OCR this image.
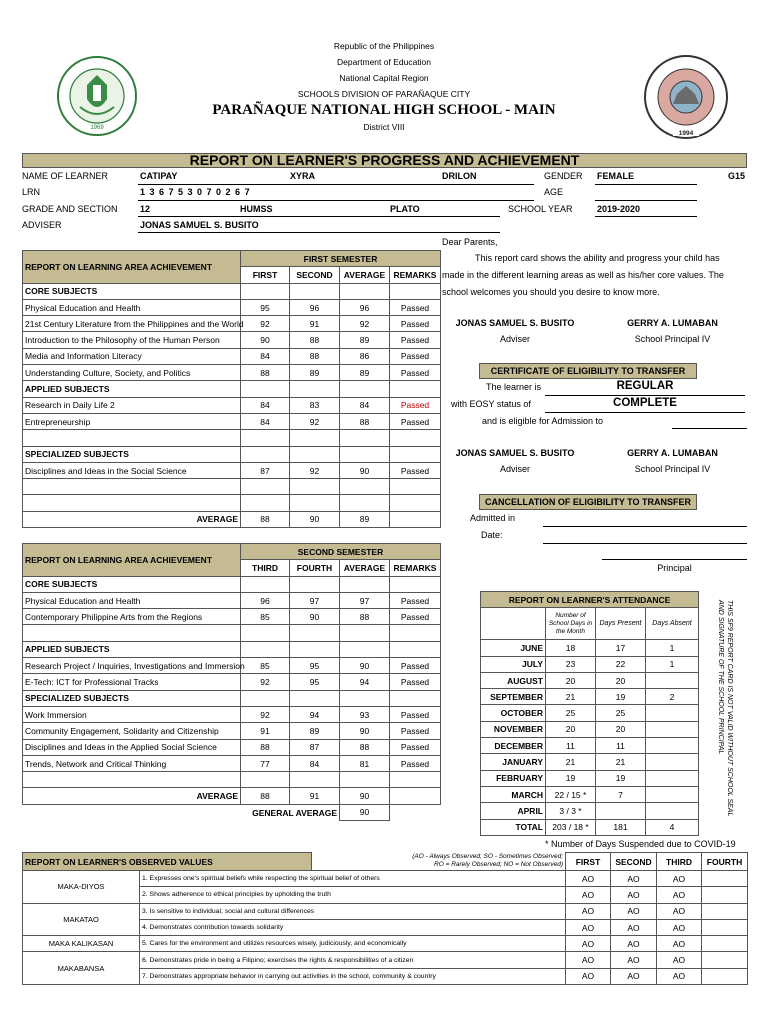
1969
1994
Republic of the Philippines
Department of Education
National Capital Region
SCHOOLS DIVISION OF PARAÑAQUE CITY
PARAÑAQUE NATIONAL HIGH SCHOOL - MAIN
District VIII
REPORT ON LEARNER'S PROGRESS AND ACHIEVEMENT
NAME OF LEARNER	CATIPAY	XYRA	DRILON	GENDER FEMALE	G15
LRN	1 3 6 7 5 3 0 7 0 2 6 7	AGE
GRADE AND SECTION 12	HUMSS	PLATO	SCHOOL YEAR	2019-2020
ADVISER	JONAS SAMUEL S. BUSITO
REPORT ON LEARNING AREA ACHIEVEMENT	FIRST SEMESTER			
	FIRST	SECOND	AVERAGE	REMARKS
CORE SUBJECTS				
Physical Education and Health	95	96	96	Passed
21st Century Literature from the Philippines and the World	92	91	92	Passed
Introduction to the Philosophy of the Human Person	90	88	89	Passed
Media and Information Literacy	84	88	86	Passed
Understanding Culture, Society, and Politics	88	89	89	Passed
APPLIED SUBJECTS				
Research in Daily Life 2	84	83	84	Passed
Entrepreneurship	84	92	88	Passed

SPECIALIZED SUBJECTS				
Disciplines and Ideas in the Social Science	87	92	90	Passed

AVERAGE	88	90	89	
REPORT ON LEARNING AREA ACHIEVEMENT	SECOND SEMESTER			
	THIRD	FOURTH	AVERAGE	REMARKS
CORE SUBJECTS				
Physical Education and Health	96	97	97	Passed
Contemporary Philippine Arts from the Regions	85	90	88	Passed

APPLIED SUBJECTS				
Research Project / Inquiries, Investigations and Immersion	85	95	90	Passed
E-Tech: ICT for Professional Tracks	92	95	94	Passed
SPECIALIZED SUBJECTS				
Work Immersion	92	94	93	Passed
Community Engagement, Solidarity and Citizenship	91	89	90	Passed
Disciplines and Ideas in the Applied Social Science	88	87	88	Passed
Trends, Network and Critical Thinking	77	84	81	Passed

AVERAGE	88	91	90	
GENERAL AVERAGE			90	
Dear Parents,
This report card shows the ability and progress your child has
made in the different learning areas as well as his/her core values. The
school welcomes you should you desire to know more.
JONAS SAMUEL S. BUSITO
Adviser
GERRY A. LUMABAN
School Principal IV
CERTIFICATE OF ELIGIBILITY TO TRANSFER
The learner is	REGULAR
with EOSY status of	COMPLETE
and is eligible for Admission to
JONAS SAMUEL S. BUSITO
Adviser
GERRY A. LUMABAN
School Principal IV
CANCELLATION OF ELIGIBILITY TO TRANSFER
Admitted in
Date:
Principal
REPORT ON LEARNER'S ATTENDANCE			
	Number of School Days in the Month	Days Present	Days Absent
JUNE	18	17	1
JULY	23	22	1
AUGUST	20	20	
SEPTEMBER	21	19	2
OCTOBER	25	25	
NOVEMBER	20	20	
DECEMBER	11	11	
JANUARY	21	21	
FEBRUARY	19	19	
MARCH	22 / 15 *	7	
APRIL	3 / 3 *		
TOTAL	203 / 18 *	181	4
* Number of Days Suspended due to COVID-19
THIS SF9 REPORT CARD IS NOT VALID WITHOUT SCHOOL SEAL AND SIGNATURE OF THE SCHOOL PRINCIPAL
REPORT ON LEARNER'S OBSERVED VALUES		(AO - Always Observed; SO - Sometimes Observed;
RO = Rarely Observed; NO = Not Observed)	FIRST	SECOND	THIRD	FOURTH
MAKA-DIYOS	1. Expresses one's spiritual beliefs while respecting the spiritual belief of others		AO	AO	AO	
	2. Shows adherence to ethical principles by upholding the truth		AO	AO	AO	
MAKATAO	3. Is sensitive to individual, social and cultural differences		AO	AO	AO	
	4. Demonstrates contribution towards solidarity		AO	AO	AO	
MAKA KALIKASAN	5. Cares for the environment and utilizes resources wisely, judiciously, and economically		AO	AO	AO	
MAKABANSA	6. Demonstrates pride in being a Filipino; exercises the rights & responsibilities of a citizen		AO	AO	AO	
	7. Demonstrates appropriate behavior in carrying out activities in the school, community & country		AO	AO	AO	
